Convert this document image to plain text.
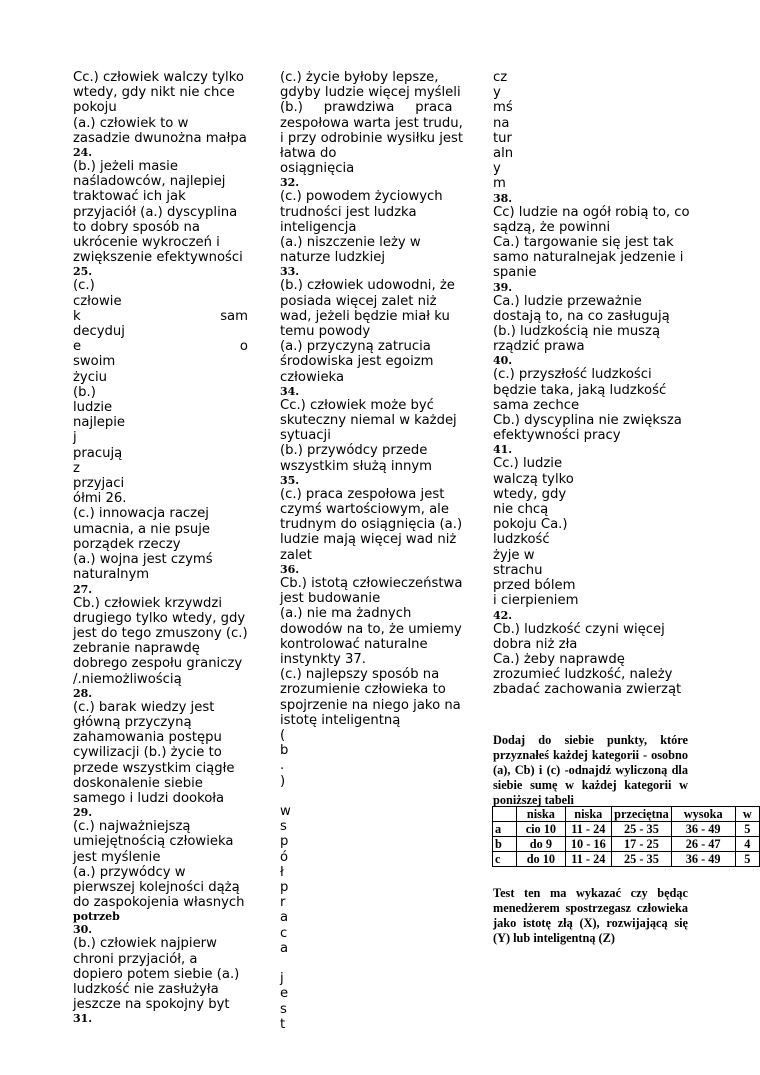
Cc.) człowiek walczy tylko wtedy, gdy nikt nie chce pokoju

(a.) człowiek to w zasadzie dwunożna małpa

24.

(b.) jeżeli masie naśladowców, najlepiej traktować ich jak przyjaciół (a.) dyscyplina to dobry sposób na ukrócenie wykroczeń i zwiększenie efektywności

25.

(c.)

człowie

k     sam

decyduj

e         o

swoim

życiu

(b.)

ludzie

najlepie

j

pracują

z

przyjaci

ółmi 26.

(c.) innowacja raczej umacnia, a nie psuje porządek rzeczy

(a.) wojna jest czymś naturalnym

27.

Cb.) człowiek krzywdzi drugiego tylko wtedy, gdy jest do tego zmuszony (c.) zebranie naprawdę dobrego zespołu graniczy /.niemożliwością

28.

(c.) barak wiedzy jest główną przyczyną zahamowania postępu cywilizacji (b.) życie to przede wszystkim ciągłe doskonalenie siebie samego i ludzi dookoła

29.

(c.) najważniejszą umiejętnością człowieka jest myślenie

(a.) przywódcy w pierwszej kolejności dążą do zaspokojenia własnych

potrzeb

30.

(b.) człowiek najpierw chroni przyjaciół, a dopiero potem siebie (a.) ludzkość nie zasłużyła jeszcze na spokojny byt

31.

(c.) życie byłoby lepsze, gdyby ludzie więcej myśleli

(b.)     prawdziwa     praca zespołowa warta jest trudu, i przy odrobinie wysiłku jest łatwa do

osiągnięcia

32.

(c.) powodem życiowych trudności jest ludzka inteligencja

(a.) niszczenie leży w naturze ludzkiej

33.

(b.) człowiek udowodni, że posiada więcej zalet niż wad, jeżeli będzie miał ku temu powody

(a.) przyczyną zatrucia środowiska jest egoizm człowieka

34.

Cc.) człowiek może być skuteczny niemal w każdej sytuacji

(b.) przywódcy przede wszystkim służą innym

35.

(c.) praca zespołowa jest czymś wartościowym, ale trudnym do osiągnięcia (a.) ludzie mają więcej wad niż zalet

36.

Cb.) istotą człowieczeństwa jest budowanie

(a.) nie ma żadnych dowodów na to, że umiemy kontrolować naturalne instynkty 37.

(c.) najlepszy sposób na zrozumienie człowieka to spojrzenie na niego jako na istotę inteligentną

(

b

.

)

w

s

p

ó

ł

p

r

a

c

a

j

e

s

t

cz

y

mś

na

tur

aln

y

m

38.

Cc) ludzie na ogół robią to, co sądzą, że powinni

Ca.) targowanie się jest tak samo naturalnejak jedzenie i spanie

39.

Ca.) ludzie przeważnie dostają to, na co zasługują

(b.) ludzkością nie muszą rządzić prawa

40.

(c.) przyszłość ludzkości będzie taka, jaką ludzkość sama zechce

Cb.) dyscyplina nie zwiększa efektywności pracy

41.

Cc.) ludzie

walczą tylko

wtedy, gdy

nie chcą

pokoju Ca.)

ludzkość

żyje w

strachu

przed bólem

i cierpieniem

42.

Cb.) ludzkość czyni więcej dobra niż zła

Ca.) żeby naprawdę zrozumieć ludzkość, należy zbadać zachowania zwierząt

Dodaj do siebie punkty, które przyznałeś każdej kategorii - osobno (a), Cb) i (c) -odnajdź wyliczoną dla siebie sumę w każdej kategorii w poniższej tabeli
	niska	niska	przeciętna	wysoka	w
a	cio 10	11 - 24	25 - 35	36 - 49	5
b	do 9	10 - 16	17 - 25	26 - 47	4
c	do 10	11 - 24	25 - 35	36 - 49	5
Test ten ma wykazać czy będąc menedżerem spostrzegasz człowieka jako istotę złą (X), rozwijającą się (Y) lub inteligentną (Z)
